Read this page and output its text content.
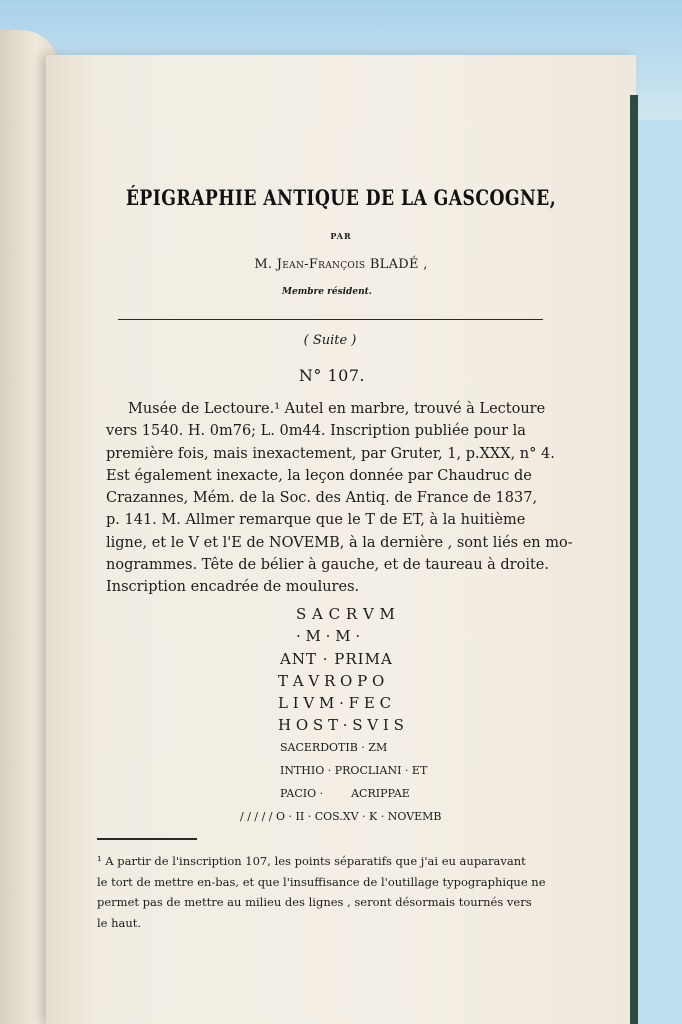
ÉPIGRAPHIE ANTIQUE DE LA GASCOGNE,
PAR
M. Jean-François BLADÉ ,
Membre résident.
( Suite )
N° 107.
Musée de Lectoure.¹ Autel en marbre, trouvé à Lectoure
vers 1540. H. 0m76; L. 0m44. Inscription publiée pour la
première fois, mais inexactement, par Gruter, 1, p.XXX, n° 4.
Est également inexacte, la leçon donnée par Chaudruc de
Crazannes, Mém. de la Soc. des Antiq. de France de 1837,
p. 141. M. Allmer remarque que le T de ET, à la huitième
ligne, et le V et l'E de NOVEMB, à la dernière , sont liés en mo-
nogrammes. Tête de bélier à gauche, et de taureau à droite.
Inscription encadrée de moulures.
S A C R V M
· M · M ·
ANT · PRIMA
T A V R O P O
L I V M · F E C
H O S T · S V I S
SACERDOTIB · ZM
INTHIO · PROCLIANI · ET
PACIO ·        ACRIPPAE
/ / / / / O · II · COS.XV · K · NOVEMB
¹ A partir de l'inscription 107, les points séparatifs que j'ai eu auparavant
le tort de mettre en-bas, et que l'insuffisance de l'outillage typographique ne
permet pas de mettre au milieu des lignes , seront désormais tournés vers
le haut.
